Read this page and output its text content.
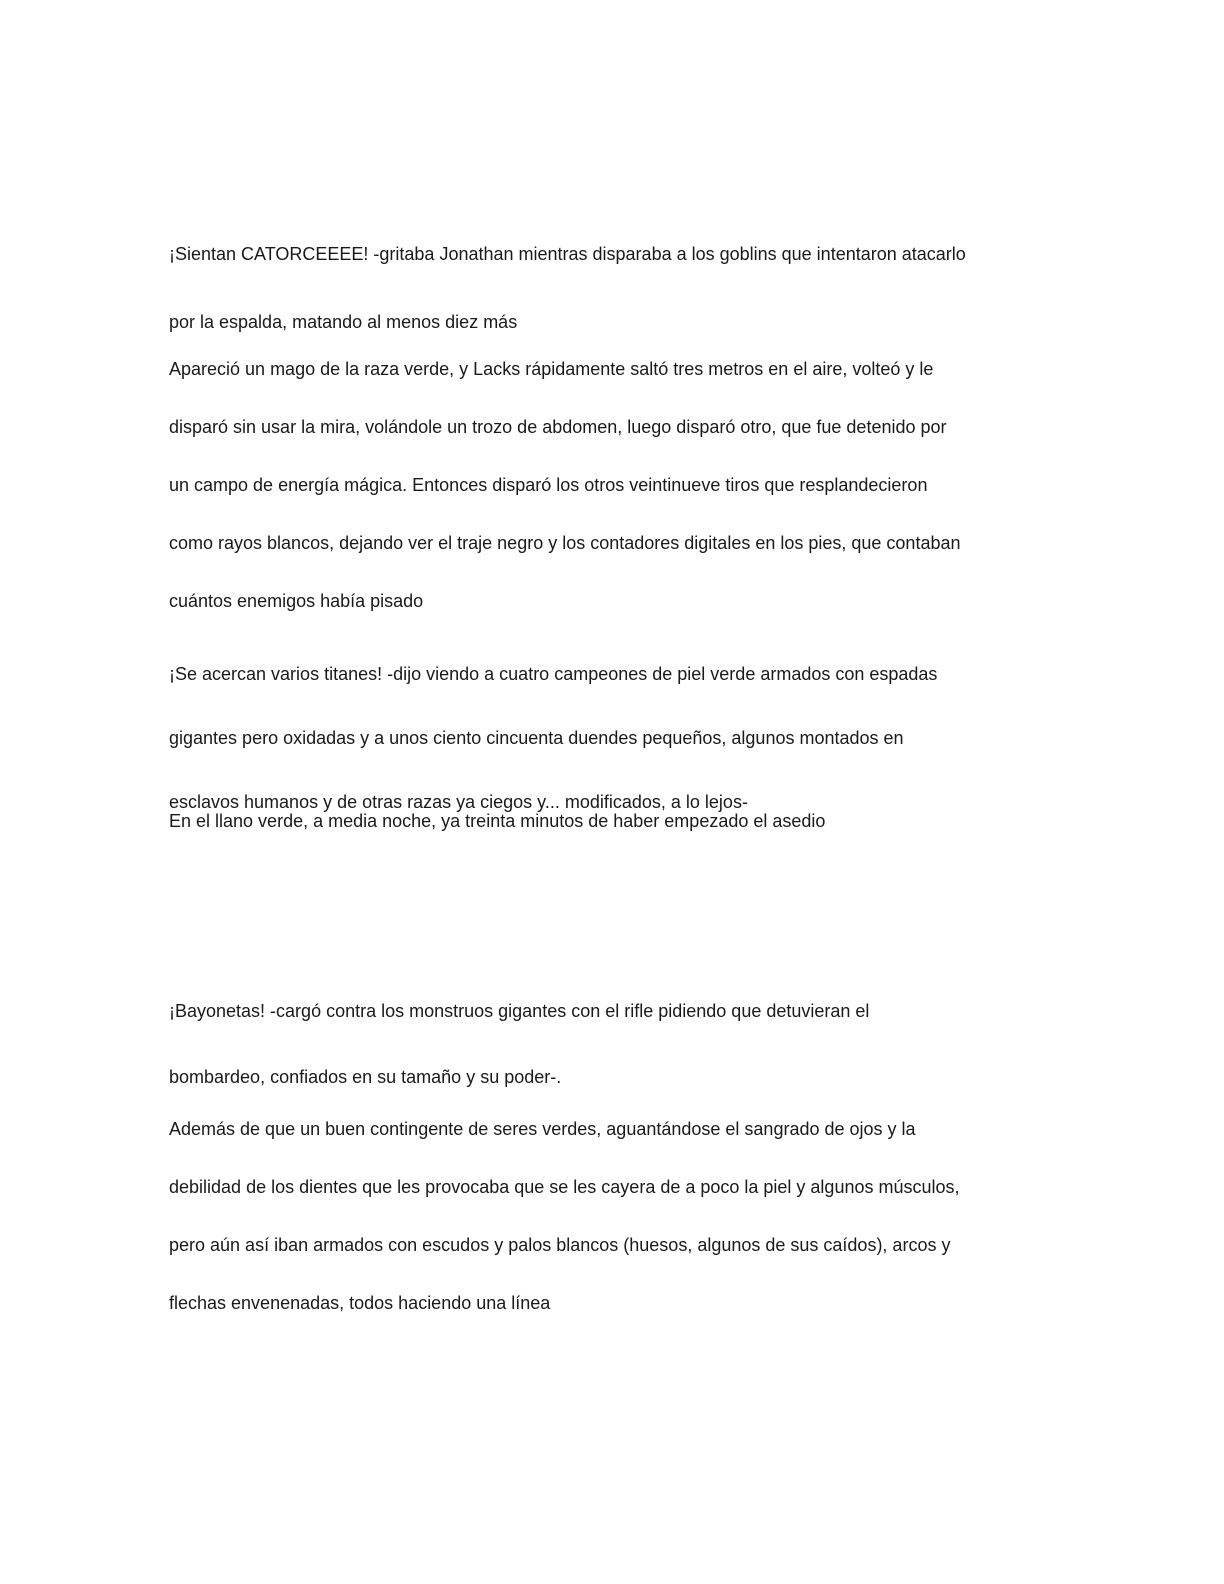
¡Sientan CATORCEEEE! -gritaba Jonathan mientras disparaba a los goblins que intentaron atacarlo

por la espalda, matando al menos diez más

Apareció un mago de la raza verde, y Lacks rápidamente saltó tres metros en el aire, volteó y le

disparó sin usar la mira, volándole un trozo de abdomen, luego disparó otro, que fue detenido por

un campo de energía mágica. Entonces disparó los otros veintinueve tiros que resplandecieron

como rayos blancos, dejando ver el traje negro y los contadores digitales en los pies, que contaban

cuántos enemigos había pisado

¡Se acercan varios titanes! -dijo viendo a cuatro campeones de piel verde armados con espadas

gigantes pero oxidadas y a unos ciento cincuenta duendes pequeños, algunos montados en

esclavos humanos y de otras razas ya ciegos y... modificados, a lo lejos-

En el llano verde, a media noche, ya treinta minutos de haber empezado el asedio

¡Bayonetas! -cargó contra los monstruos gigantes con el rifle pidiendo que detuvieran el

bombardeo, confiados en su tamaño y su poder-.

Además de que un buen contingente de seres verdes, aguantándose el sangrado de ojos y la

debilidad de los dientes que les provocaba que se les cayera de a poco la piel y algunos músculos,

pero aún así iban armados con escudos y palos blancos (huesos, algunos de sus caídos), arcos y

flechas envenenadas, todos haciendo una línea
